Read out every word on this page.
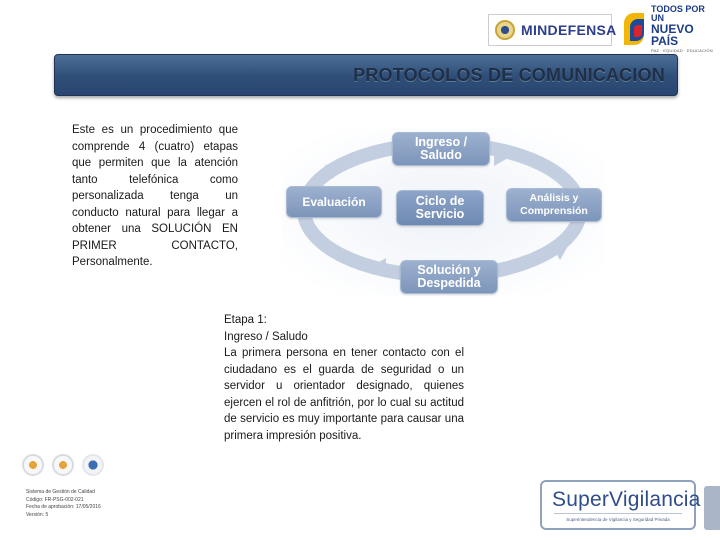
MINDEFENSA
TODOS POR UN
NUEVO PAÍS
PAZ · EQUIDAD · EDUCACIÓN
PROTOCOLOS DE COMUNICACION

Este es un procedimiento que comprende 4 (cuatro) etapas que permiten que la atención tanto telefónica como personalizada tenga un conducto natural para llegar a obtener una SOLUCIÓN EN PRIMER CONTACTO, Personalmente.

Ingreso / Saludo
Evaluación	Ciclo de Servicio
Análisis y Comprensión
Solución y Despedida
Etapa 1:
Ingreso / Saludo
La primera persona en tener contacto con el ciudadano es el guarda de seguridad o un servidor u orientador designado, quienes ejercen el rol de anfitrión, por lo cual su actitud de servicio es muy importante para causar una primera impresión positiva.
Sistema de Gestión de Calidad
Código: FR-PSG-002-021
Fecha de aprobación: 17/05/2016
Versión: 5
SuperVigilancia
Superintendencia de Vigilancia y Seguridad Privada
